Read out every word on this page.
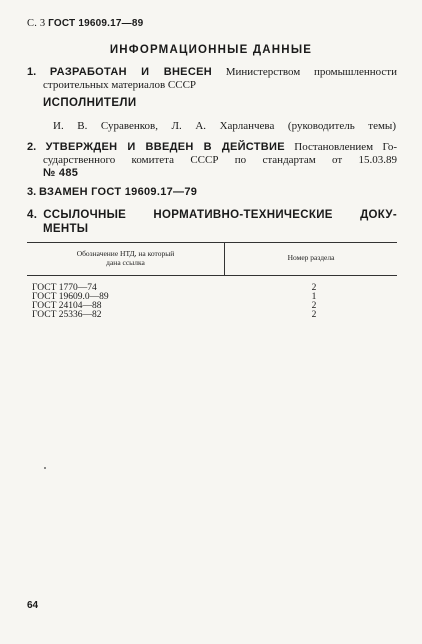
С. 3 ГОСТ 19609.17—89
ИНФОРМАЦИОННЫЕ ДАННЫЕ
1. РАЗРАБОТАН И ВНЕСЕН Министерством промышленности
строительных материалов СССР
ИСПОЛНИТЕЛИ
И. В. Суравенков, Л. А. Харланчева (руководитель темы)
2. УТВЕРЖДЕН И ВВЕДЕН В ДЕЙСТВИЕ Постановлением Го-
сударственного комитета СССР по стандартам от 15.03.89
№ 485
3. ВЗАМЕН ГОСТ 19609.17—79
4. ССЫЛОЧНЫЕ НОРМАТИВНО-ТЕХНИЧЕСКИЕ ДОКУ-
МЕНТЫ
Обозначение НТД, на который
дана ссылка
Номер раздела
ГОСТ 1770—74	2
ГОСТ 19609.0—89	1
ГОСТ 24104—88	2
ГОСТ 25336—82	2
64
